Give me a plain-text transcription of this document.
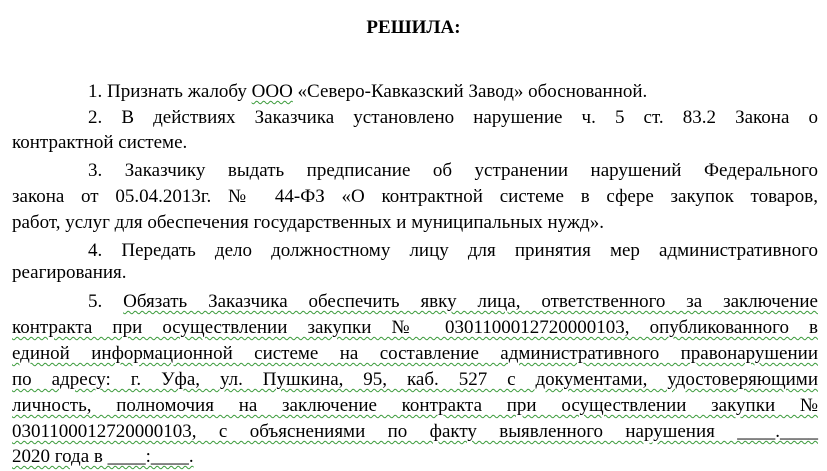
РЕШИЛА:
1. Признать жалобу ООО «Северо-Кавказский Завод» обоснованной.
2. В действиях Заказчика установлено нарушение ч. 5 ст. 83.2 Закона о
контрактной системе.
3. Заказчику выдать предписание об устранении нарушений Федерального
закона от 05.04.2013г. № 44-ФЗ «О контрактной системе в сфере закупок товаров,
работ, услуг для обеспечения государственных и муниципальных нужд».
4. Передать дело должностному лицу для принятия мер административного
реагирования.
5. Обязать Заказчика обеспечить явку лица, ответственного за заключение
контракта при осуществлении закупки № 0301100012720000103, опубликованного в
единой информационной системе на составление административного правонарушении
по адресу: г. Уфа, ул. Пушкина, 95, каб. 527 с документами, удостоверяющими
личность, полномочия на заключение контракта при осуществлении закупки №
0301100012720000103, с объяснениями по факту выявленного нарушения ____.____
2020 года в ____:____.
